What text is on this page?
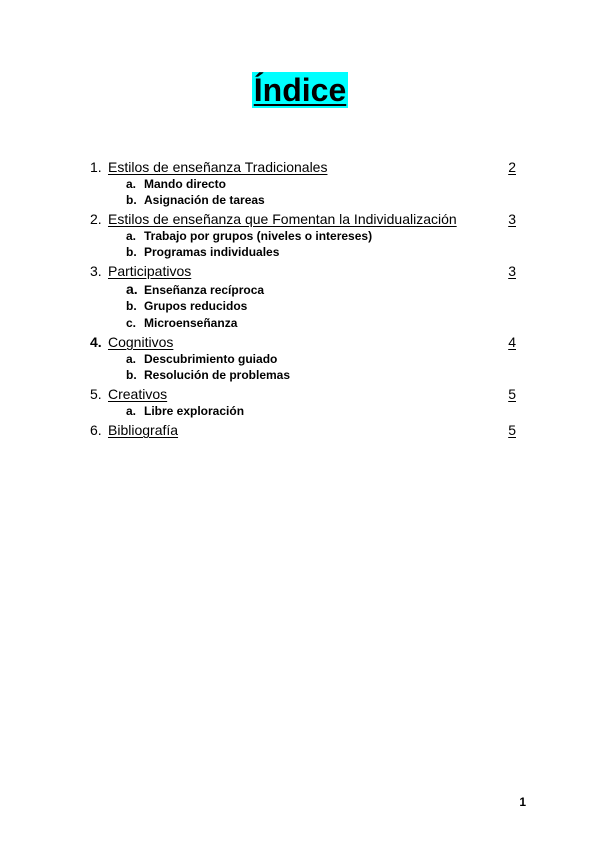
Índice
1. Estilos de enseñanza Tradicionales	2
a. Mando directo
b. Asignación de tareas
2. Estilos de enseñanza que Fomentan la Individualización	3
a. Trabajo por grupos (niveles o intereses)
b. Programas individuales
3. Participativos	3
a. Enseñanza recíproca
b. Grupos reducidos
c. Microenseñanza
4. Cognitivos	4
a. Descubrimiento guiado
b. Resolución de problemas
5. Creativos	5
a. Libre exploración
6. Bibliografía	5
1
